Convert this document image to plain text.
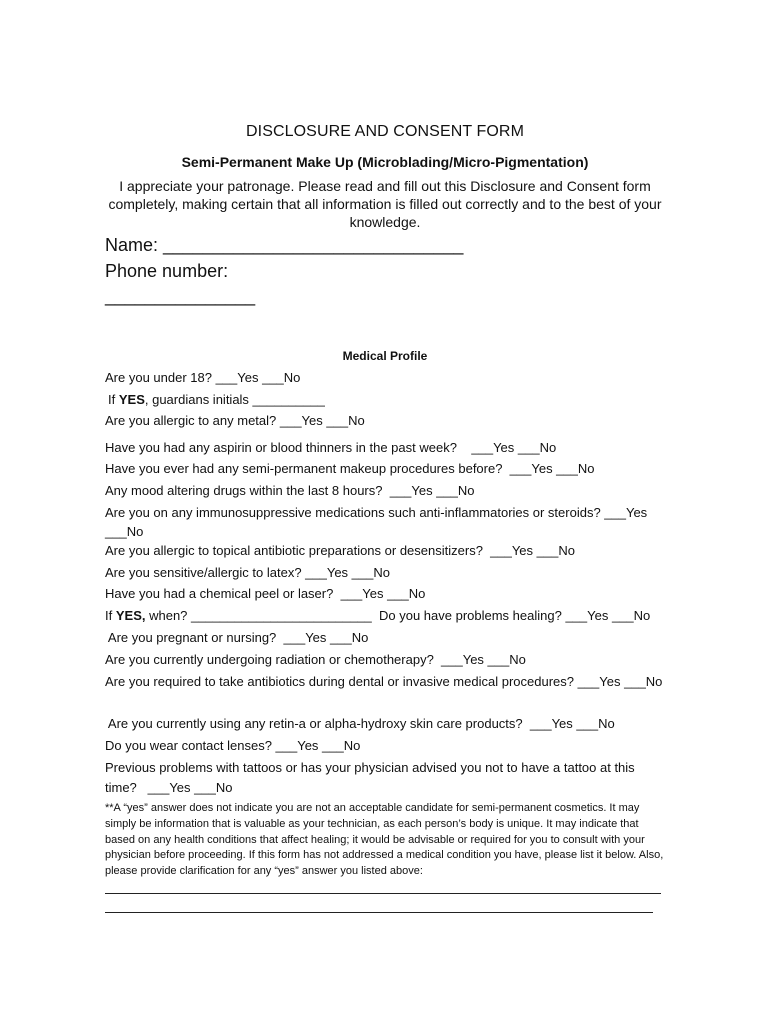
DISCLOSURE AND CONSENT FORM
Semi-Permanent Make Up (Microblading/Micro-Pigmentation)
I appreciate your patronage. Please read and fill out this Disclosure and Consent form completely, making certain that all information is filled out correctly and to the best of your knowledge.
Name: ______________________________
Phone number:
_______________
Medical Profile
Are you under 18? ___Yes ___No
If YES, guardians initials __________
Are you allergic to any metal? ___Yes ___No
Have you had any aspirin or blood thinners in the past week?    ___Yes ___No
Have you ever had any semi-permanent makeup procedures before?  ___Yes ___No
Any mood altering drugs within the last 8 hours?  ___Yes ___No
Are you on any immunosuppressive medications such anti-inflammatories or steroids? ___Yes ___No
Are you allergic to topical antibiotic preparations or desensitizers?  ___Yes ___No
Are you sensitive/allergic to latex? ___Yes ___No
Have you had a chemical peel or laser?  ___Yes ___No
If YES, when? _________________________  Do you have problems healing? ___Yes ___No
Are you pregnant or nursing?  ___Yes ___No
Are you currently undergoing radiation or chemotherapy?  ___Yes ___No
Are you required to take antibiotics during dental or invasive medical procedures? ___Yes ___No
Are you currently using any retin-a or alpha-hydroxy skin care products?  ___Yes ___No
Do you wear contact lenses? ___Yes ___No
Previous problems with tattoos or has your physician advised you not to have a tattoo at this time?   ___Yes ___No
**A “yes” answer does not indicate you are not an acceptable candidate for semi-permanent cosmetics. It may simply be information that is valuable as your technician, as each person’s body is unique. It may indicate that based on any health conditions that affect healing; it would be advisable or required for you to consult with your physician before proceeding. If this form has not addressed a medical condition you have, please list it below. Also, please provide clarification for any “yes” answer you listed above:
